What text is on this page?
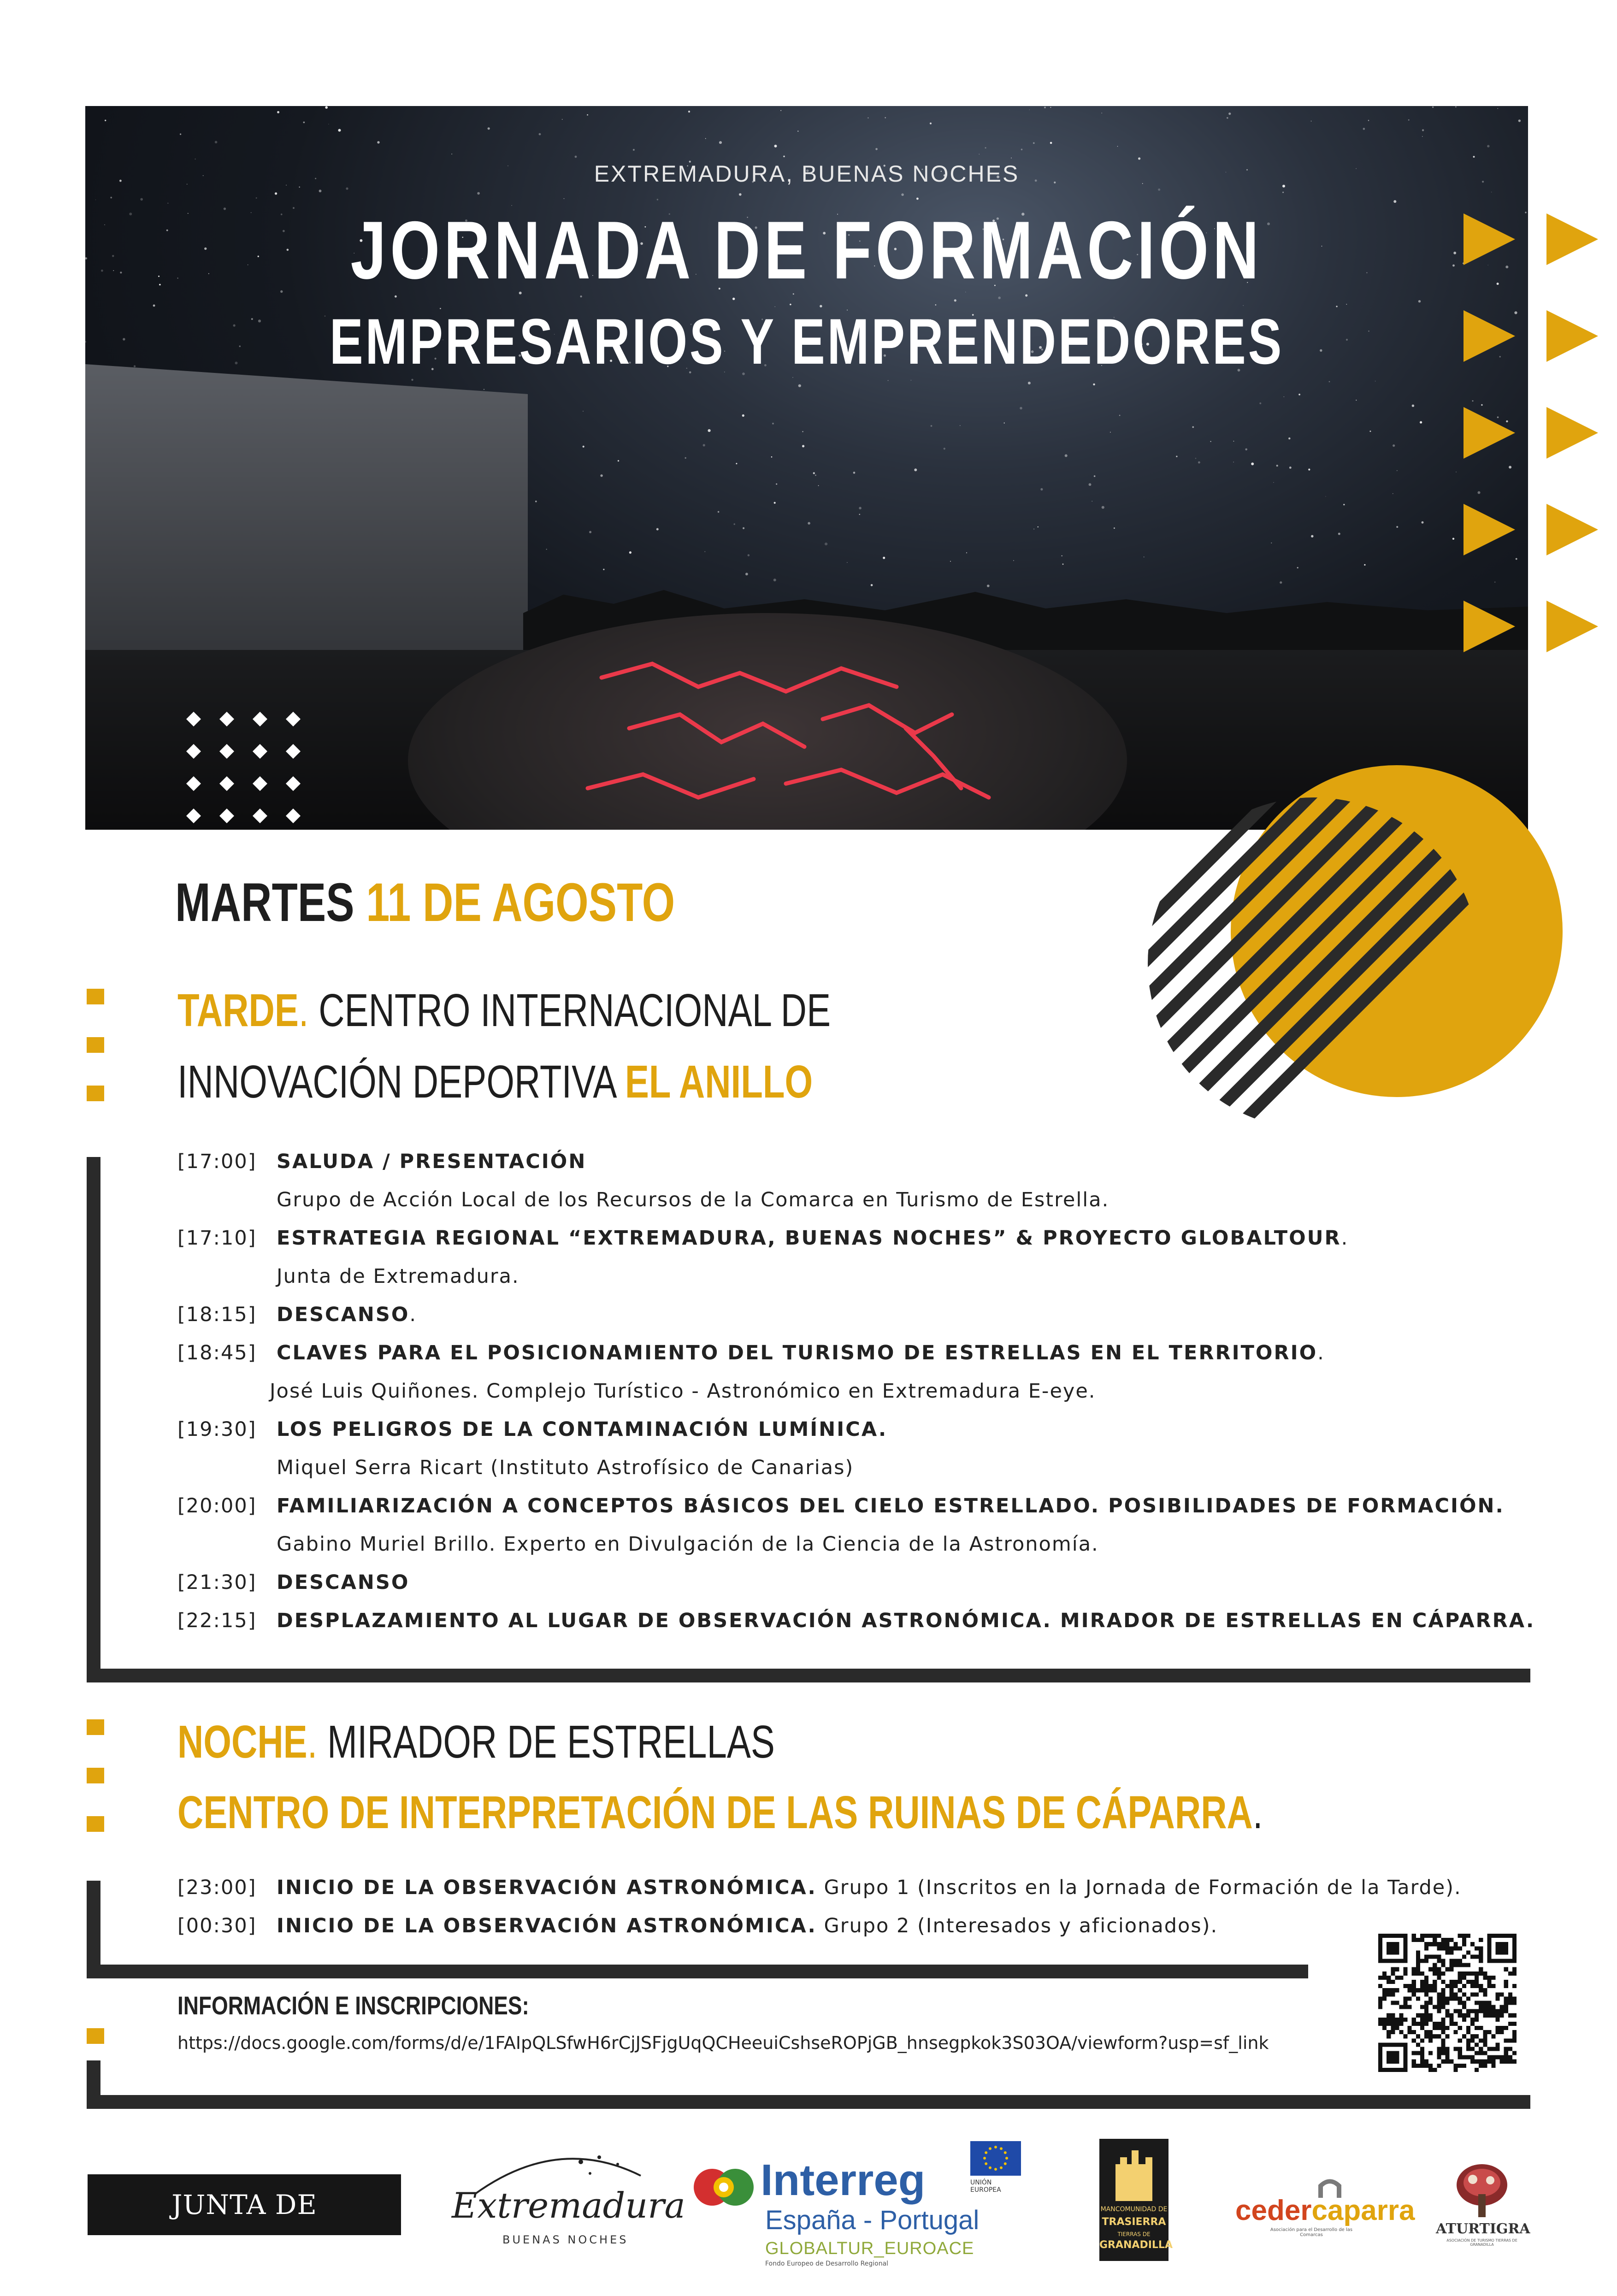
EXTREMADURA, BUENAS NOCHES
JORNADA DE FORMACIÓN
EMPRESARIOS Y EMPRENDEDORES
MARTES 11 DE AGOSTO
TARDE. CENTRO INTERNACIONAL DE
INNOVACIÓN DEPORTIVA EL ANILLO
[17:00] SALUDA / PRESENTACIÓN
Grupo de Acción Local de los Recursos de la Comarca en Turismo de Estrella.
[17:10] ESTRATEGIA REGIONAL “EXTREMADURA, BUENAS NOCHES” & PROYECTO GLOBALTOUR.
Junta de Extremadura.
[18:15] DESCANSO.
[18:45] CLAVES PARA EL POSICIONAMIENTO DEL TURISMO DE ESTRELLAS EN EL TERRITORIO.
José Luis Quiñones. Complejo Turístico - Astronómico en Extremadura E-eye.
[19:30] LOS PELIGROS DE LA CONTAMINACIÓN LUMÍNICA.
Miquel Serra Ricart (Instituto Astrofísico de Canarias)
[20:00] FAMILIARIZACIÓN A CONCEPTOS BÁSICOS DEL CIELO ESTRELLADO. POSIBILIDADES DE FORMACIÓN.
Gabino Muriel Brillo. Experto en Divulgación de la Ciencia de la Astronomía.
[21:30] DESCANSO
[22:15] DESPLAZAMIENTO AL LUGAR DE OBSERVACIÓN ASTRONÓMICA. MIRADOR DE ESTRELLAS EN CÁPARRA.
NOCHE. MIRADOR DE ESTRELLAS
CENTRO DE INTERPRETACIÓN DE LAS RUINAS DE CÁPARRA.
[23:00] INICIO DE LA OBSERVACIÓN ASTRONÓMICA. Grupo 1 (Inscritos en la Jornada de Formación de la Tarde).
[00:30] INICIO DE LA OBSERVACIÓN ASTRONÓMICA. Grupo 2 (Interesados y aficionados).
INFORMACIÓN E INSCRIPCIONES:
https://docs.google.com/forms/d/e/1FAIpQLSfwH6rCjJSFjgUqQCHeeuiCshseROPjGB_hnsegpkok3S03OA/viewform?usp=sf_link
JUNTA DE EXTREMADURA
Extremadura
BUENAS NOCHES
Interreg
España - Portugal
GLOBALTUR_EUROACE
Fondo Europeo de Desarrollo Regional
UNIÓN EUROPEA
MANCOMUNIDAD DE
TRASIERRA
TIERRAS DE
GRANADILLA
cedercaparra
Asociación para el Desarrollo de las Comarcas	ATURTIGRA
ASOCIACIÓN DE TURISMO TIERRAS DE GRANADILLA
